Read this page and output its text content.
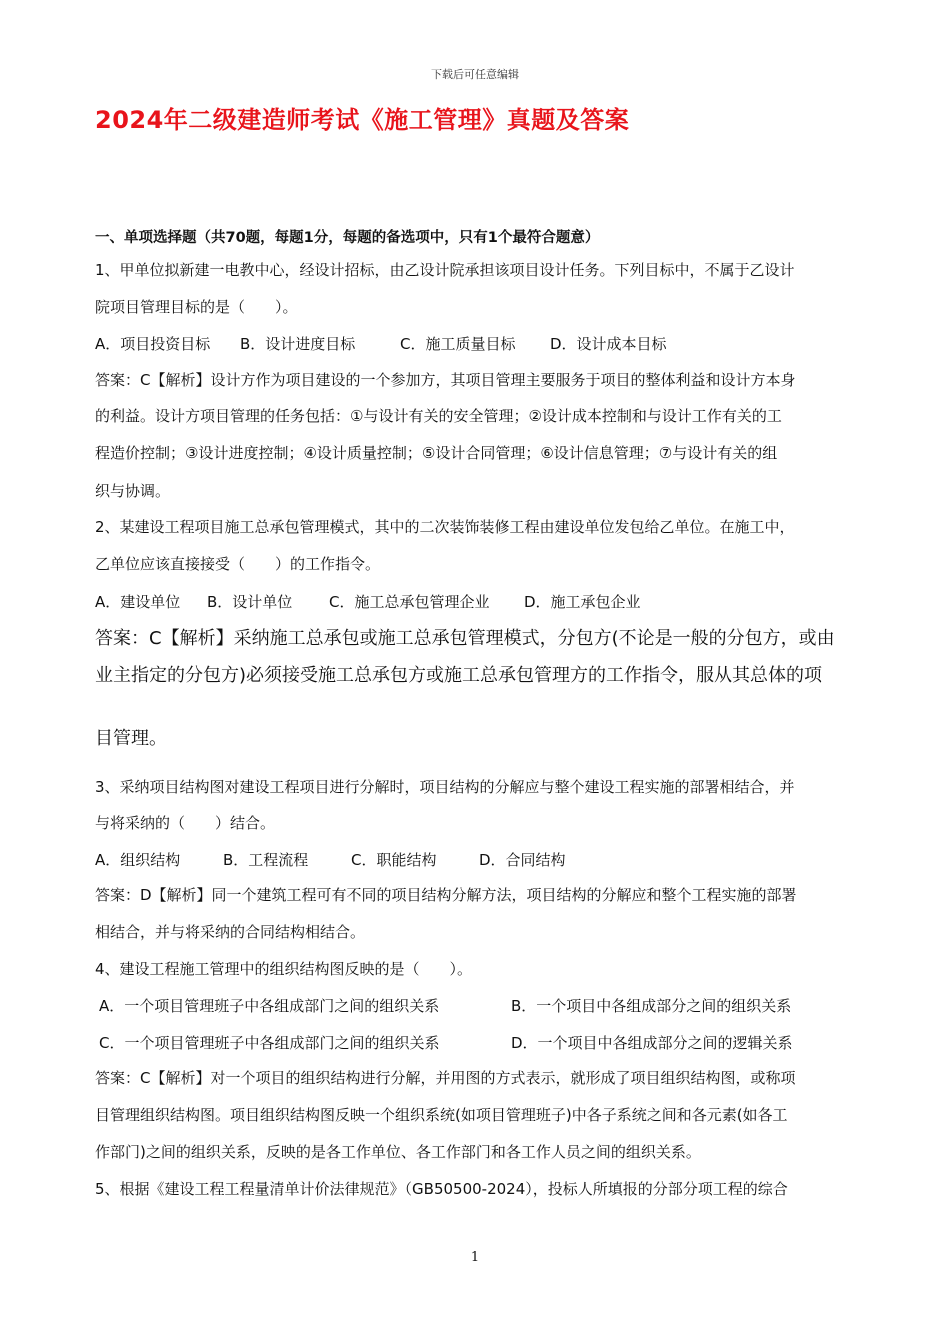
下载后可任意编辑
2024年二级建造师考试《施工管理》真题及答案
一、单项选择题（共70题，每题1分，每题的备选项中，只有1个最符合题意）
1、甲单位拟新建一电教中心，经设计招标，由乙设计院承担该项目设计任务。下列目标中，不属于乙设计
院项目管理目标的是（　　）。
A．项目投资目标 B．设计进度目标	C．施工质量目标 D．设计成本目标
答案：C【解析】设计方作为项目建设的一个参加方，其项目管理主要服务于项目的整体利益和设计方本身
的利益。设计方项目管理的任务包括：①与设计有关的安全管理；②设计成本控制和与设计工作有关的工
程造价控制；③设计进度控制；④设计质量控制；⑤设计合同管理；⑥设计信息管理；⑦与设计有关的组
织与协调。
2、某建设工程项目施工总承包管理模式，其中的二次装饰装修工程由建设单位发包给乙单位。在施工中，
乙单位应该直接接受（　　）的工作指令。
A．建设单位 B．设计单位 C．施工总承包管理企业 D．施工承包企业
答案：C【解析】采纳施工总承包或施工总承包管理模式，分包方(不论是一般的分包方，或由
业主指定的分包方)必须接受施工总承包方或施工总承包管理方的工作指令，服从其总体的项
目管理。
3、采纳项目结构图对建设工程项目进行分解时，项目结构的分解应与整个建设工程实施的部署相结合，并
与将采纳的（　　）结合。
A．组织结构	B．工程流程	C．职能结构	D．合同结构
答案：D【解析】同一个建筑工程可有不同的项目结构分解方法，项目结构的分解应和整个工程实施的部署
相结合，并与将采纳的合同结构相结合。
4、建设工程施工管理中的组织结构图反映的是（　　）。
A．一个项目管理班子中各组成部门之间的组织关系	B．一个项目中各组成部分之间的组织关系
C．一个项目管理班子中各组成部门之间的组织关系	D．一个项目中各组成部分之间的逻辑关系
答案：C【解析】对一个项目的组织结构进行分解，并用图的方式表示，就形成了项目组织结构图，或称项
目管理组织结构图。项目组织结构图反映一个组织系统(如项目管理班子)中各子系统之间和各元素(如各工
作部门)之间的组织关系，反映的是各工作单位、各工作部门和各工作人员之间的组织关系。
5、根据《建设工程工程量清单计价法律规范》（GB50500-2024），投标人所填报的分部分项工程的综合
1
